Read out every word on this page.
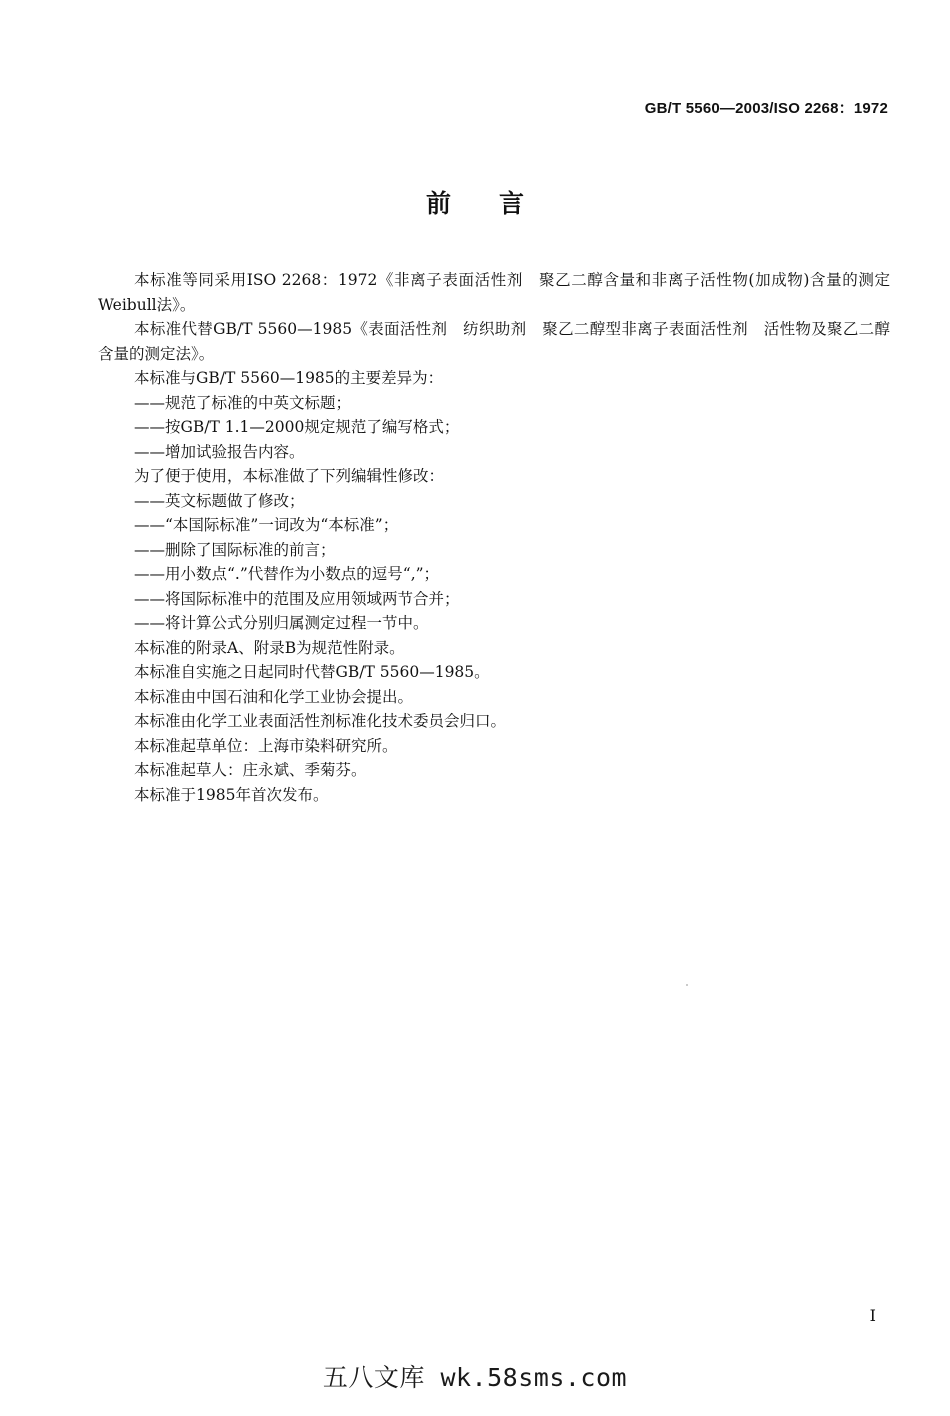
GB/T 5560—2003/ISO 2268：1972
前言

本标准等同采用ISO 2268：1972《非离子表面活性剂　聚乙二醇含量和非离子活性物(加成物)含量的测定　Weibull法》。

本标准代替GB/T 5560—1985《表面活性剂　纺织助剂　聚乙二醇型非离子表面活性剂　活性物及聚乙二醇含量的测定法》。

本标准与GB/T 5560—1985的主要差异为：

——规范了标准的中英文标题；

——按GB/T 1.1—2000规定规范了编写格式；

——增加试验报告内容。

为了便于使用，本标准做了下列编辑性修改：

——英文标题做了修改；

——“本国际标准”一词改为“本标准”；

——删除了国际标准的前言；

——用小数点“.”代替作为小数点的逗号“,”；

——将国际标准中的范围及应用领域两节合并；

——将计算公式分别归属测定过程一节中。

本标准的附录A、附录B为规范性附录。

本标准自实施之日起同时代替GB/T 5560—1985。

本标准由中国石油和化学工业协会提出。

本标准由化学工业表面活性剂标准化技术委员会归口。

本标准起草单位：上海市染料研究所。

本标准起草人：庄永斌、季菊芬。

本标准于1985年首次发布。

I
五八文库 wk.58sms.com
